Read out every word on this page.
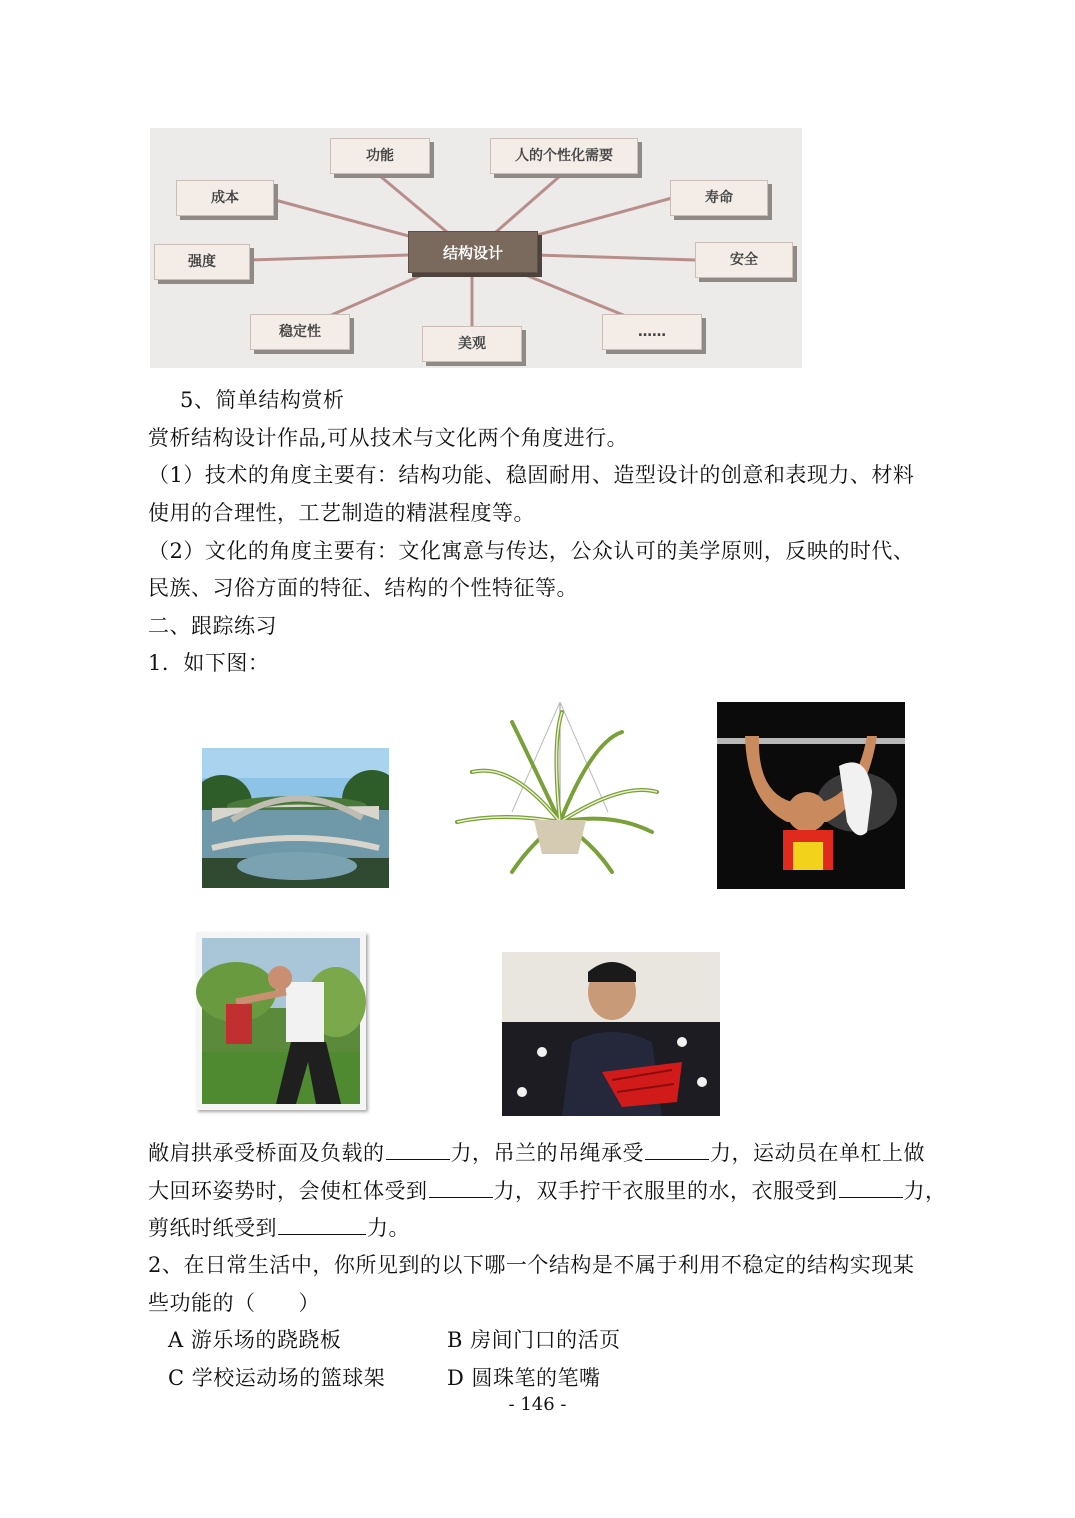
结构设计
功能	人的个性化需要
成本	寿命
强度	安全
稳定性
美观
……
5、简单结构赏析
赏析结构设计作品,可从技术与文化两个角度进行。
（1）技术的角度主要有：结构功能、稳固耐用、造型设计的创意和表现力、材料
使用的合理性，工艺制造的精湛程度等。
（2）文化的角度主要有：文化寓意与传达，公众认可的美学原则，反映的时代、
民族、习俗方面的特征、结构的个性特征等。
二、跟踪练习
1．如下图：
敞肩拱承受桥面及负载的	力，吊兰的吊绳承受	力，运动员在单杠上做
大回环姿势时，会使杠体受到	力，双手拧干衣服里的水，衣服受到	力，
剪纸时纸受到	力。
2、在日常生活中，你所见到的以下哪一个结构是不属于利用不稳定的结构实现某
些功能的（　　）
A 游乐场的跷跷板	B 房间门口的活页
C 学校运动场的篮球架	D 圆珠笔的笔嘴
- 146 -
